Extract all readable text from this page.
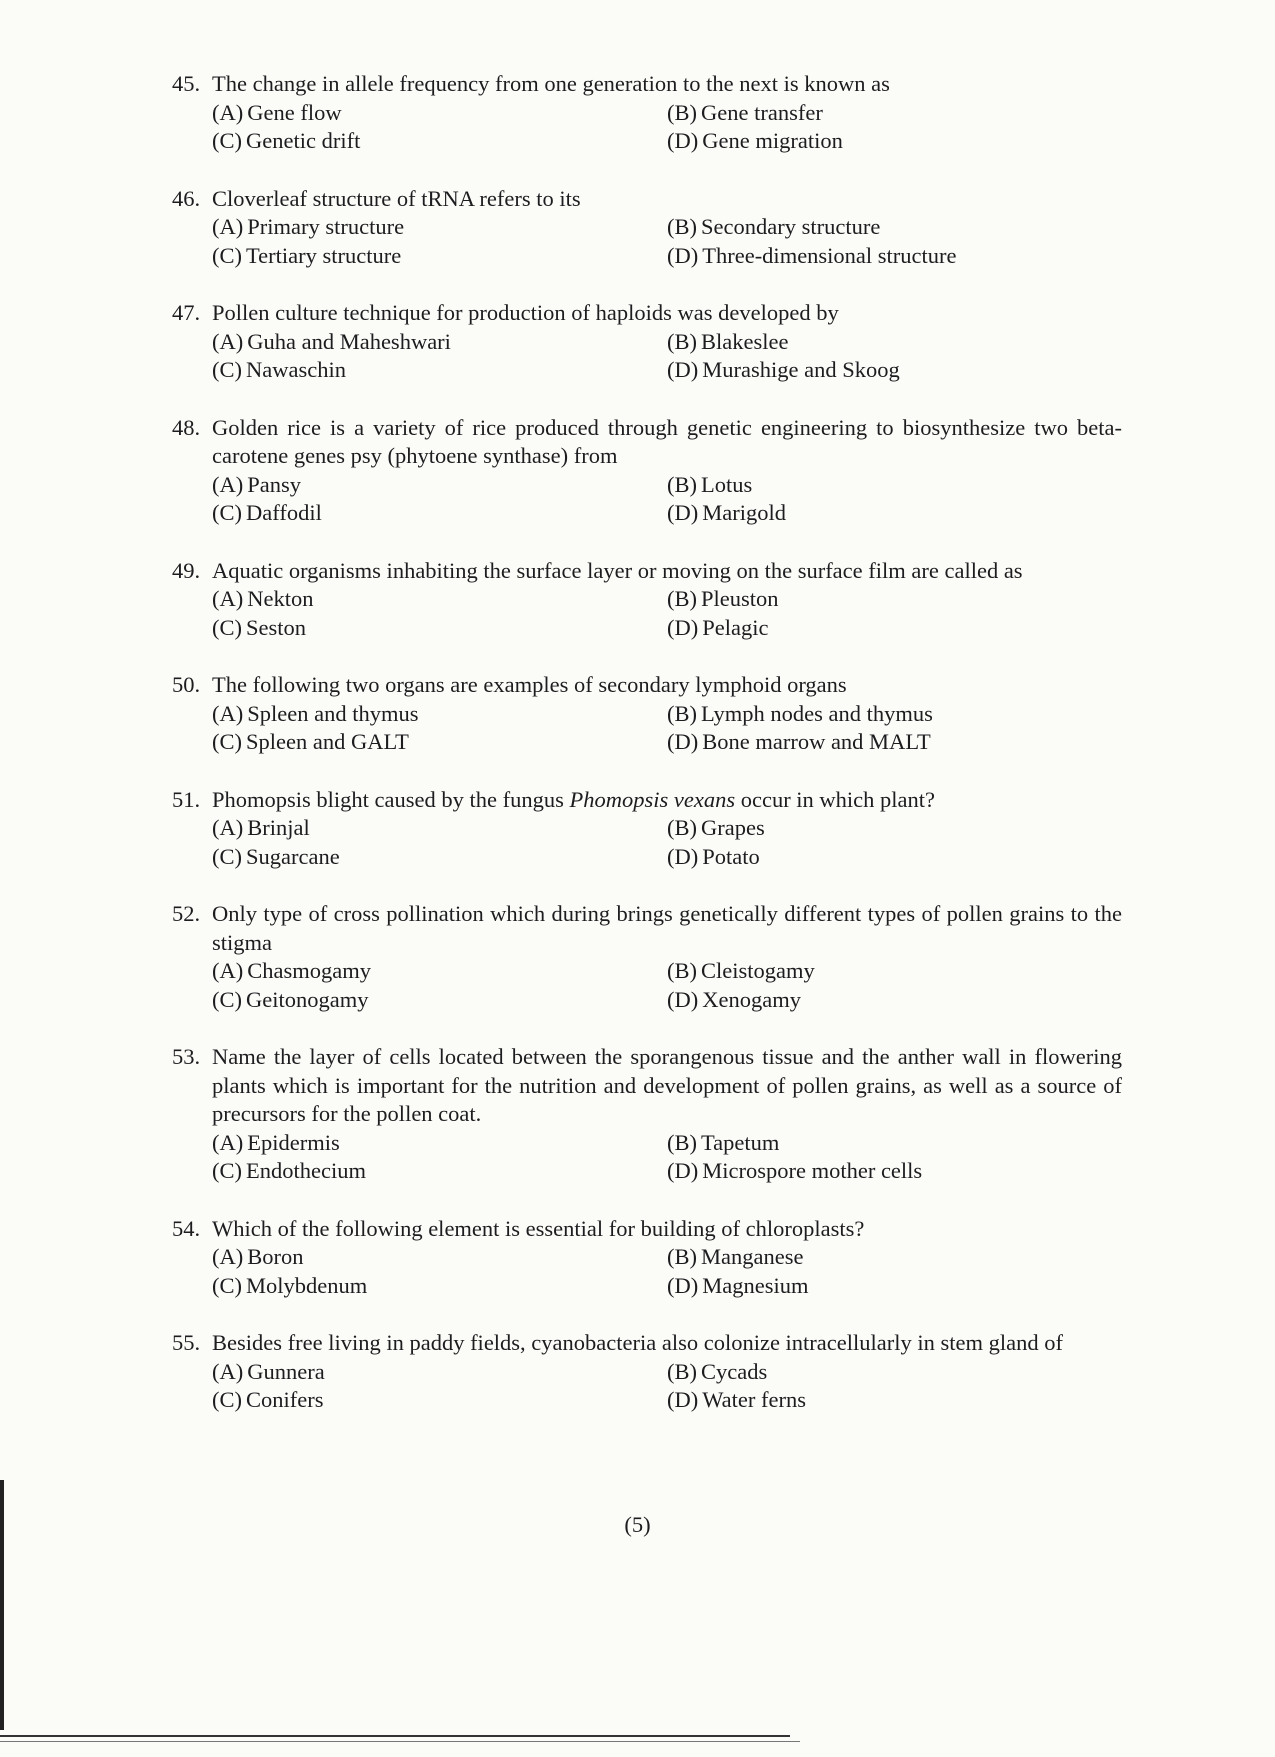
45. The change in allele frequency from one generation to the next is known as
(A) Gene flow	(B) Gene transfer
(C) Genetic drift	(D) Gene migration
46. Cloverleaf structure of tRNA refers to its
(A) Primary structure	(B) Secondary structure
(C) Tertiary structure	(D) Three-dimensional structure
47. Pollen culture technique for production of haploids was developed by
(A) Guha and Maheshwari	(B) Blakeslee
(C) Nawaschin	(D) Murashige and Skoog
48. Golden rice is a variety of rice produced through genetic engineering to biosynthesize two beta-carotene genes psy (phytoene synthase) from
(A) Pansy	(B) Lotus
(C) Daffodil	(D) Marigold
49. Aquatic organisms inhabiting the surface layer or moving on the surface film are called as
(A) Nekton	(B) Pleuston
(C) Seston	(D) Pelagic
50. The following two organs are examples of secondary lymphoid organs
(A) Spleen and thymus	(B) Lymph nodes and thymus
(C) Spleen and GALT	(D) Bone marrow and MALT
51. Phomopsis blight caused by the fungus Phomopsis vexans occur in which plant?
(A) Brinjal	(B) Grapes
(C) Sugarcane	(D) Potato
52. Only type of cross pollination which during brings genetically different types of pollen grains to the stigma
(A) Chasmogamy	(B) Cleistogamy
(C) Geitonogamy	(D) Xenogamy
53. Name the layer of cells located between the sporangenous tissue and the anther wall in flowering plants which is important for the nutrition and development of pollen grains, as well as a source of precursors for the pollen coat.
(A) Epidermis	(B) Tapetum
(C) Endothecium	(D) Microspore mother cells
54. Which of the following element is essential for building of chloroplasts?
(A) Boron	(B) Manganese
(C) Molybdenum	(D) Magnesium
55. Besides free living in paddy fields, cyanobacteria also colonize intracellularly in stem gland of
(A) Gunnera	(B) Cycads
(C) Conifers	(D) Water ferns
(5)
